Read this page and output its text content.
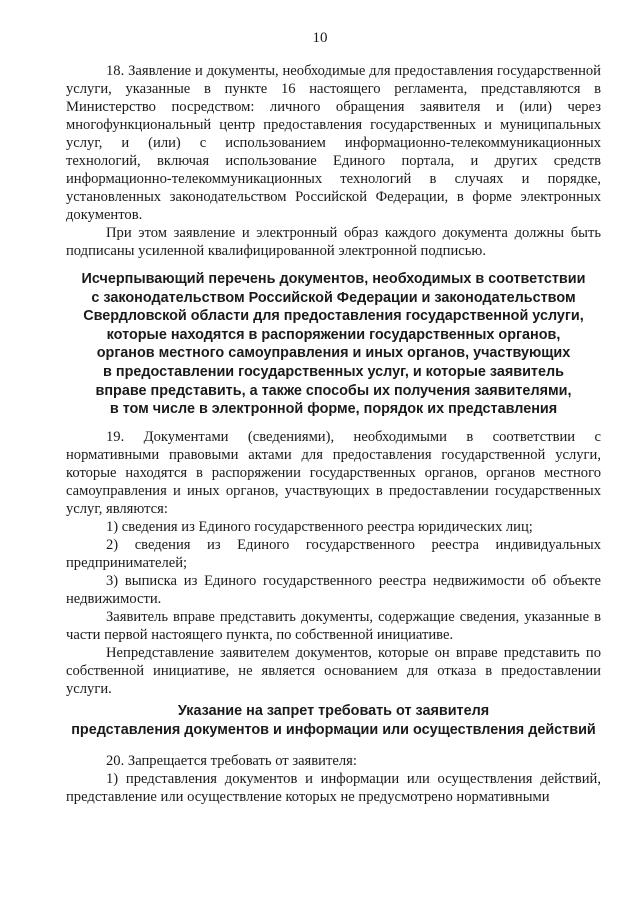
10

18. Заявление и документы, необходимые для предоставления государственной услуги, указанные в пункте 16 настоящего регламента, представляются в Министерство посредством: личного обращения заявителя и (или) через многофункциональный центр предоставления государственных и муниципальных услуг, и (или) с использованием информационно-телекоммуникационных технологий, включая использование Единого портала, и других средств информационно-телекоммуникационных технологий в случаях и порядке, установленных законодательством Российской Федерации, в форме электронных документов.

При этом заявление и электронный образ каждого документа должны быть подписаны усиленной квалифицированной электронной подписью.

Исчерпывающий перечень документов, необходимых в соответствии
с законодательством Российской Федерации и законодательством
Свердловской области для предоставления государственной услуги,
которые находятся в распоряжении государственных органов,
органов местного самоуправления и иных органов, участвующих
в предоставлении государственных услуг, и которые заявитель
вправе представить, а также способы их получения заявителями,
в том числе в электронной форме, порядок их представления

19. Документами (сведениями), необходимыми в соответствии с нормативными правовыми актами для предоставления государственной услуги, которые находятся в распоряжении государственных органов, органов местного самоуправления и иных органов, участвующих в предоставлении государственных услуг, являются:

1) сведения из Единого государственного реестра юридических лиц;

2) сведения из Единого государственного реестра индивидуальных предпринимателей;

3) выписка из Единого государственного реестра недвижимости об объекте недвижимости.

Заявитель вправе представить документы, содержащие сведения, указанные в части первой настоящего пункта, по собственной инициативе.

Непредставление заявителем документов, которые он вправе представить по собственной инициативе, не является основанием для отказа в предоставлении услуги.

Указание на запрет требовать от заявителя
представления документов и информации или осуществления действий

20. Запрещается требовать от заявителя:

1) представления документов и информации или осуществления действий, представление или осуществление которых не предусмотрено нормативными
